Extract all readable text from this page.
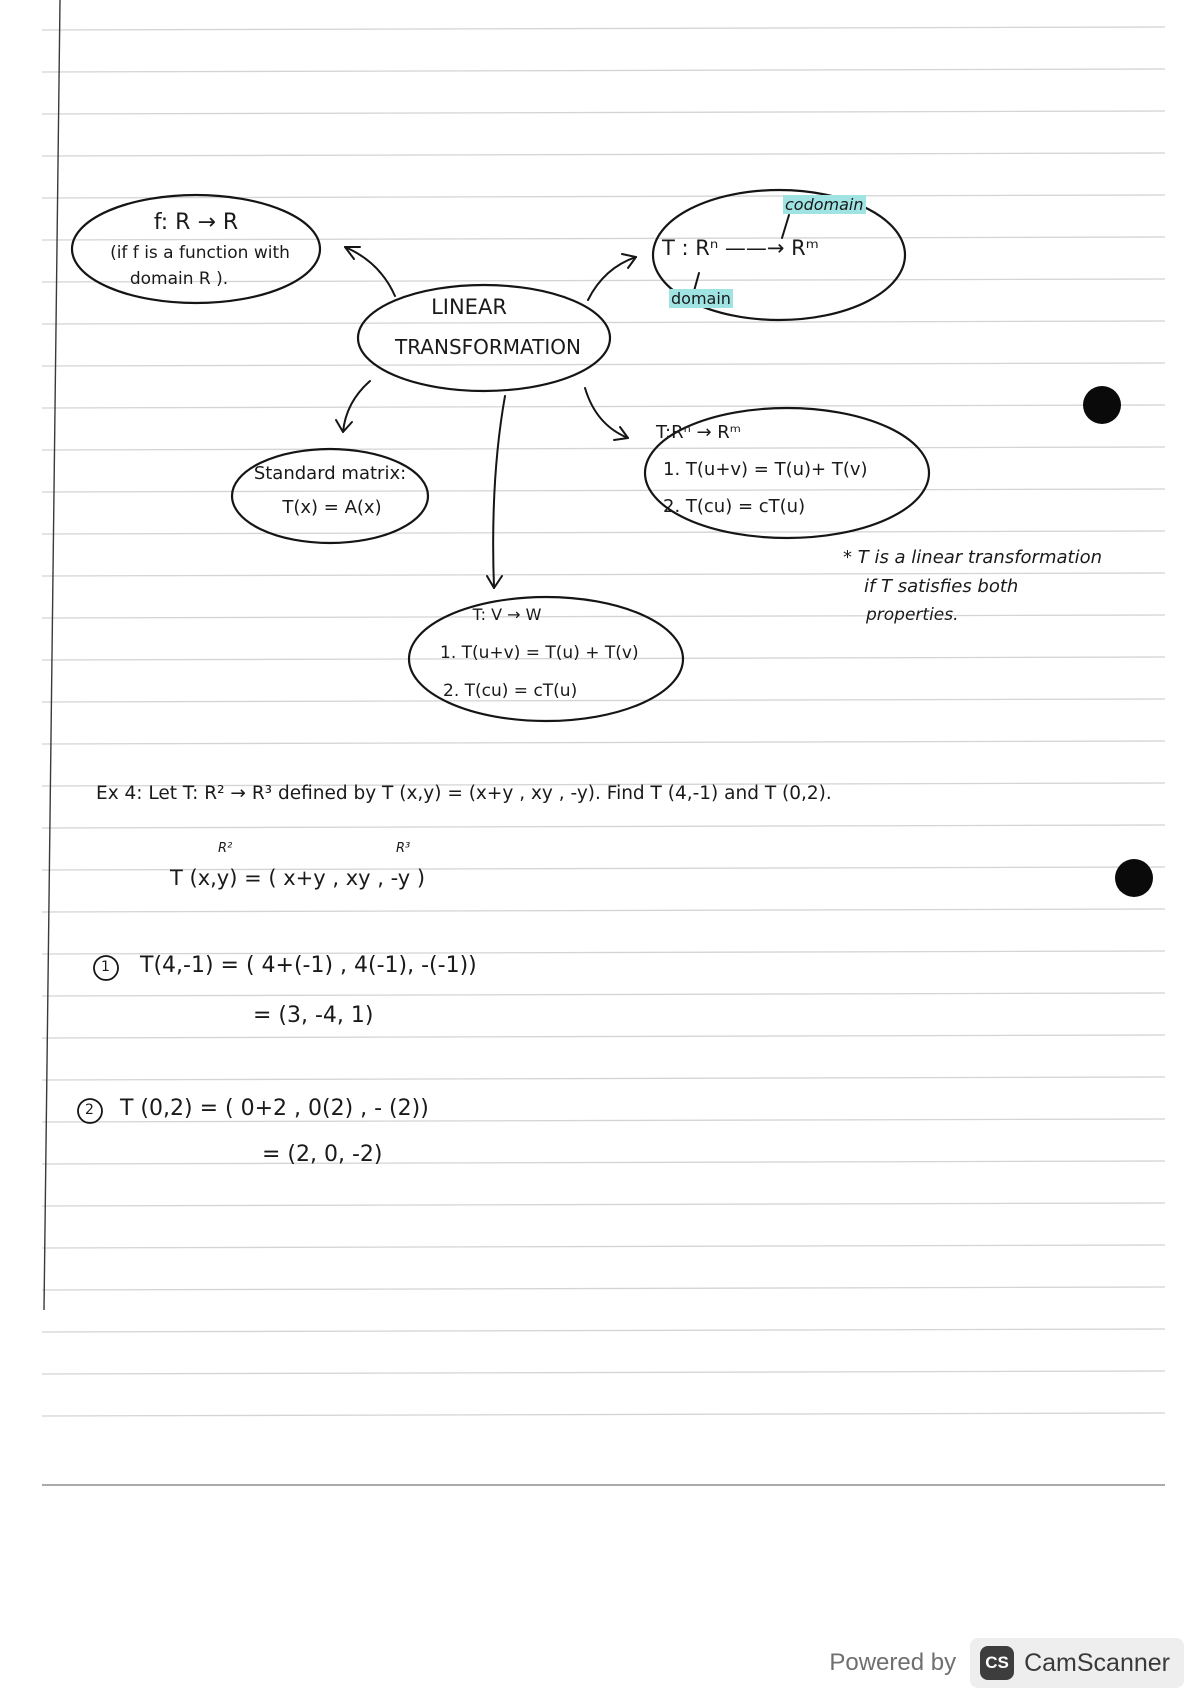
LINEAR
TRANSFORMATION
f: R → R
(if f is a function with
domain R ).
codomain
T : Rⁿ ——→ Rᵐ
domain
Standard matrix:
T(x) = A(x)
T:Rⁿ → Rᵐ
1. T(u+v) = T(u)+ T(v)
2. T(cu) = cT(u)
* T is a linear transformation
if T satisfies both
properties.
T: V → W
1. T(u+v) = T(u) + T(v)
2. T(cu) = cT(u)
Ex 4: Let T: R² → R³ defined by T (x,y) = (x+y , xy , -y). Find T (4,-1) and T (0,2).
R²	R³
T (x,y) = ( x+y , xy , -y )
1 T(4,-1) = ( 4+(-1) , 4(-1), -(-1))
= (3, -4, 1)
2 T (0,2) = ( 0+2 , 0(2) , - (2))
= (2, 0, -2)
Powered by	CS CamScanner
